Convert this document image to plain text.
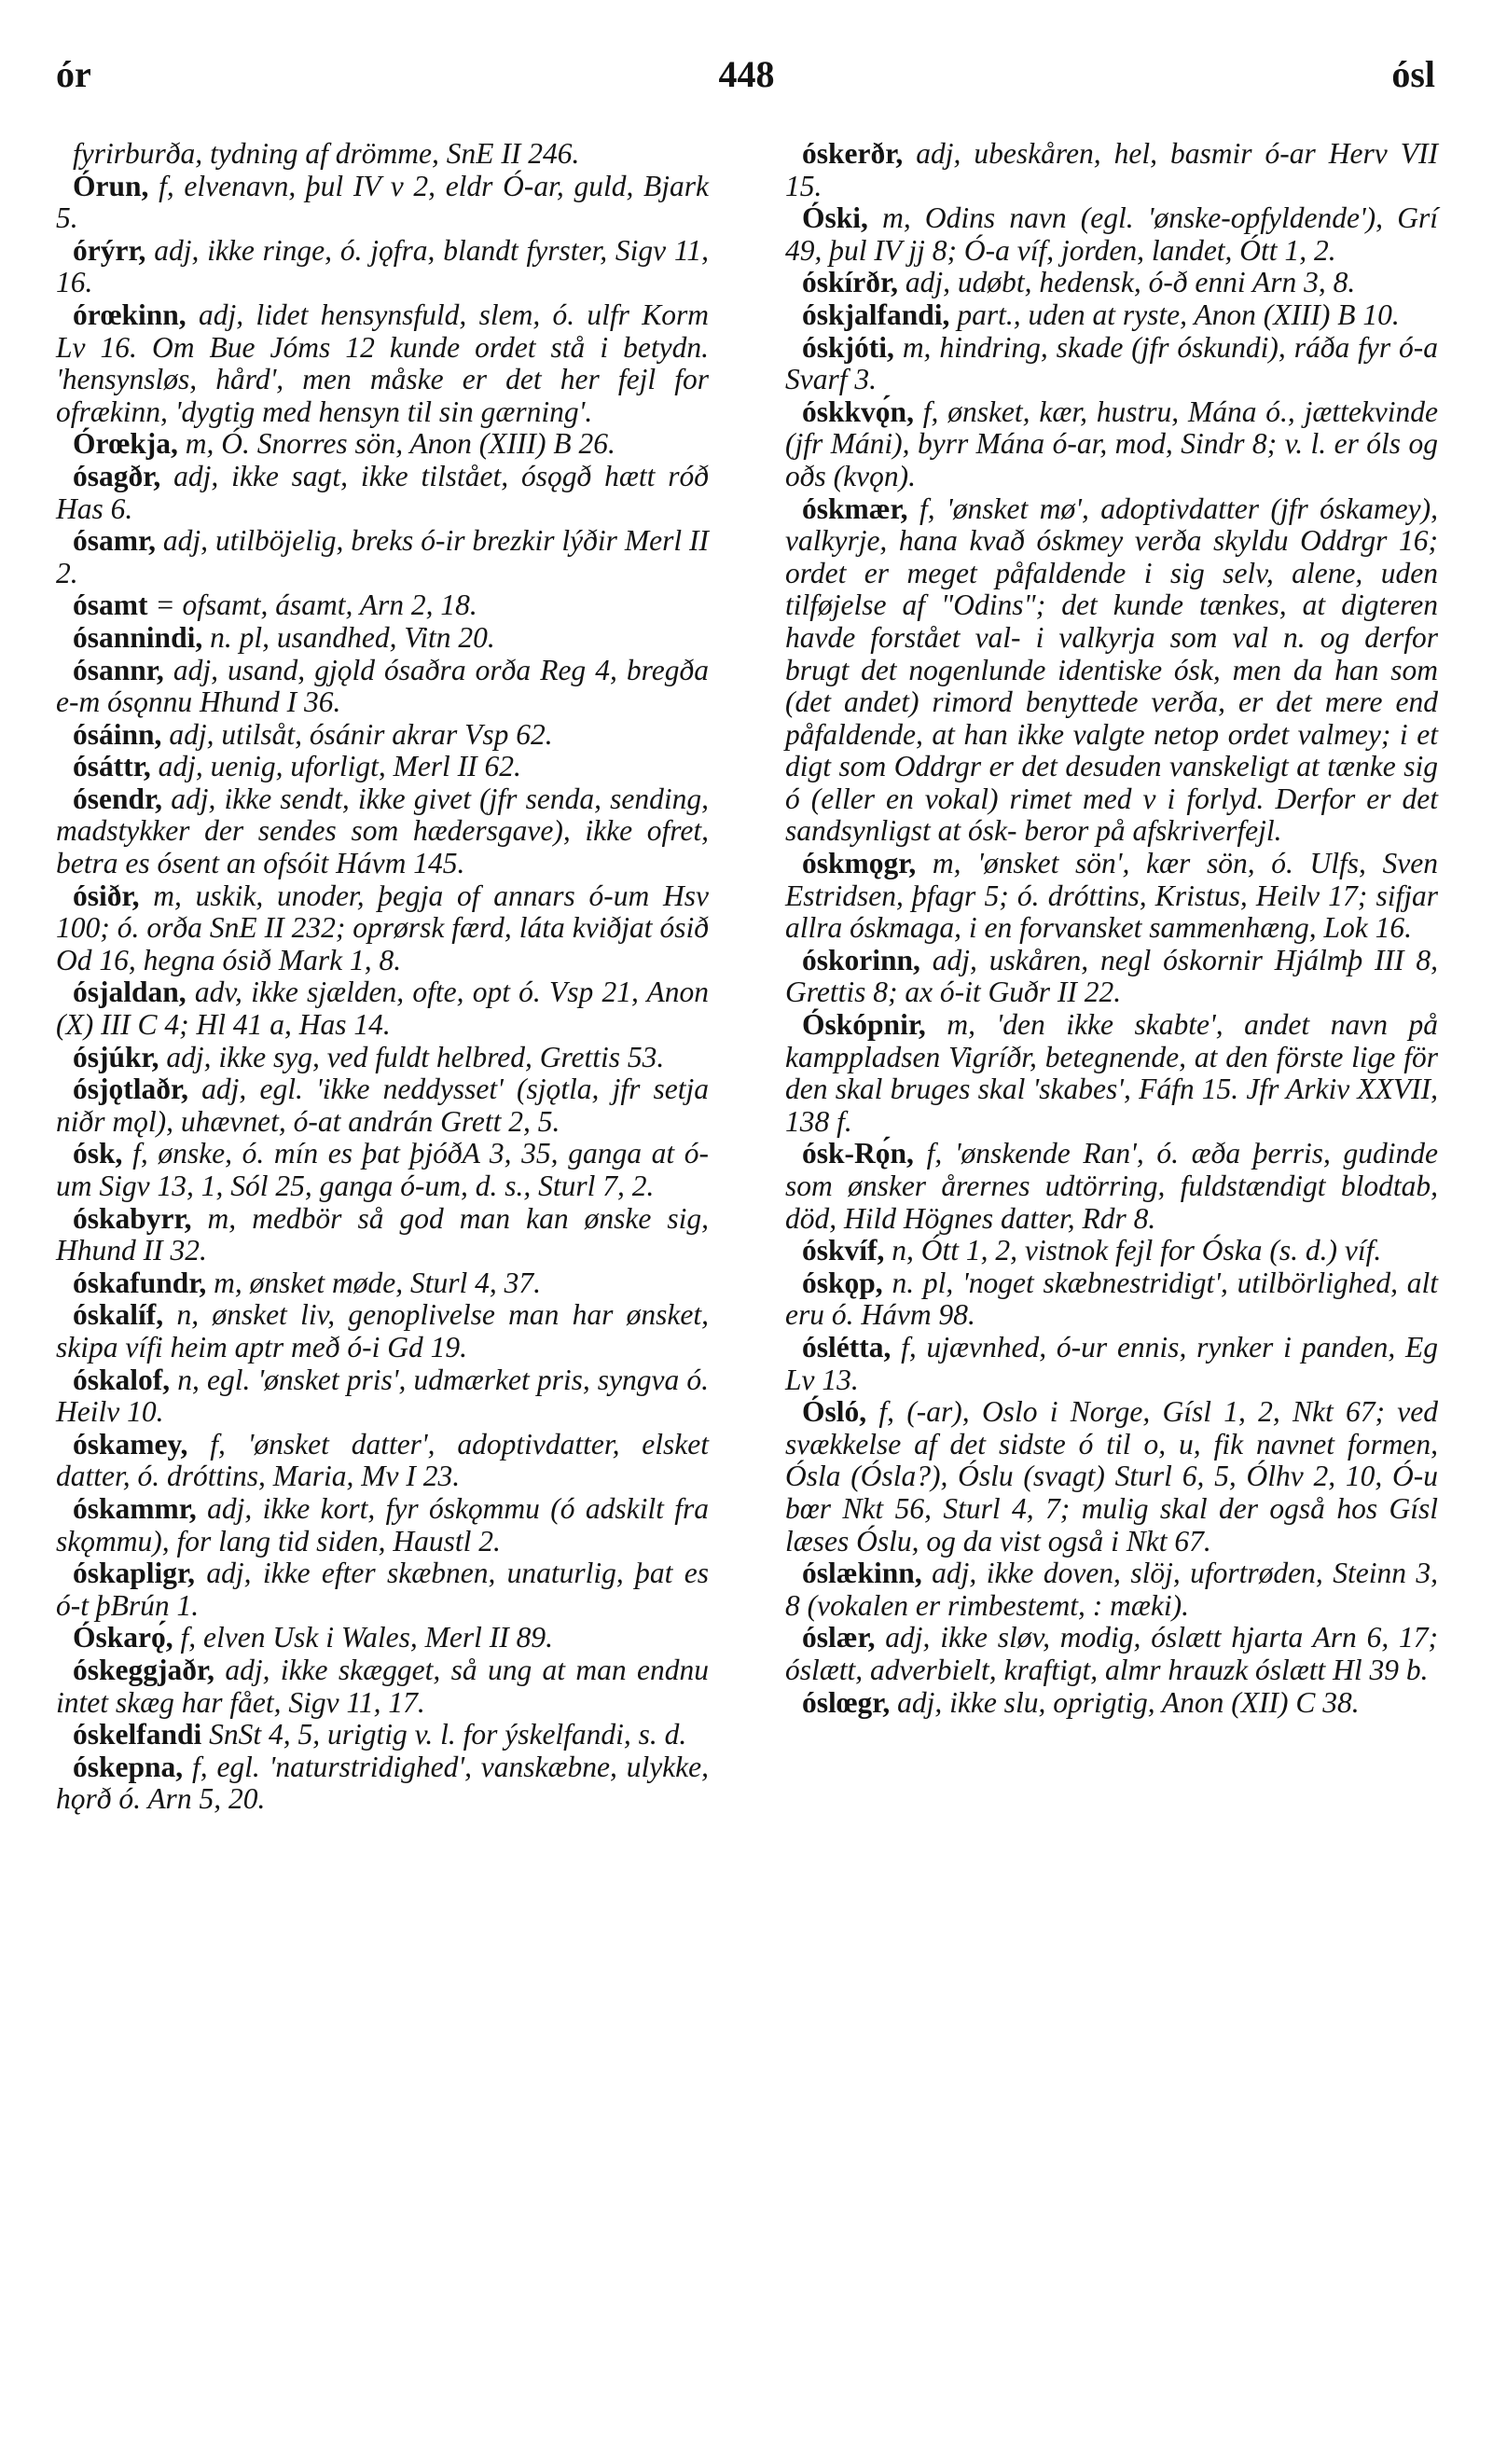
ór	448	ósl

fyrirburða, tydning af drömme, SnE II 246.

Órun, f, elvenavn, þul IV v 2, eldr Ó-ar, guld, Bjark 5.

órýrr, adj, ikke ringe, ó. jǫfra, blandt fyrster, Sigv 11, 16.

órœkinn, adj, lidet hensynsfuld, slem, ó. ulfr Korm Lv 16. Om Bue Jóms 12 kunde ordet stå i betydn. 'hensynsløs, hård', men måske er det her fejl for ofrækinn, 'dygtig med hensyn til sin gærning'.

Órœkja, m, Ó. Snorres sön, Anon (XIII) B 26.

ósagðr, adj, ikke sagt, ikke tilstået, ósǫgð hætt róð Has 6.

ósamr, adj, utilböjelig, breks ó-ir brezkir lýðir Merl II 2.

ósamt = ofsamt, ásamt, Arn 2, 18.

ósannindi, n. pl, usandhed, Vitn 20.

ósannr, adj, usand, gjǫld ósaðra orða Reg 4, bregða e-m ósǫnnu Hhund I 36.

ósáinn, adj, utilsåt, ósánir akrar Vsp 62.

ósáttr, adj, uenig, uforligt, Merl II 62.

ósendr, adj, ikke sendt, ikke givet (jfr senda, sending, madstykker der sendes som hædersgave), ikke ofret, betra es ósent an ofsóit Hávm 145.

ósiðr, m, uskik, unoder, þegja of annars ó-um Hsv 100; ó. orða SnE II 232; oprørsk færd, láta kviðjat ósið Od 16, hegna ósið Mark 1, 8.

ósjaldan, adv, ikke sjælden, ofte, opt ó. Vsp 21, Anon (X) III C 4; Hl 41 a, Has 14.

ósjúkr, adj, ikke syg, ved fuldt helbred, Grettis 53.

ósjǫtlaðr, adj, egl. 'ikke neddysset' (sjǫtla, jfr setja niðr mǫl), uhævnet, ó-at andrán Grett 2, 5.

ósk, f, ønske, ó. mín es þat þjóðA 3, 35, ganga at ó-um Sigv 13, 1, Sól 25, ganga ó-um, d. s., Sturl 7, 2.

óskabyrr, m, medbör så god man kan ønske sig, Hhund II 32.

óskafundr, m, ønsket møde, Sturl 4, 37.

óskalíf, n, ønsket liv, genoplivelse man har ønsket, skipa vífi heim aptr með ó-i Gd 19.

óskalof, n, egl. 'ønsket pris', udmærket pris, syngva ó. Heilv 10.

óskamey, f, 'ønsket datter', adoptivdatter, elsket datter, ó. dróttins, Maria, Mv I 23.

óskammr, adj, ikke kort, fyr óskǫmmu (ó adskilt fra skǫmmu), for lang tid siden, Haustl 2.

óskapligr, adj, ikke efter skæbnen, unaturlig, þat es ó-t þBrún 1.

Óskarǫ́, f, elven Usk i Wales, Merl II 89.

óskeggjaðr, adj, ikke skægget, så ung at man endnu intet skæg har fået, Sigv 11, 17.

óskelfandi SnSt 4, 5, urigtig v. l. for ýskelfandi, s. d.

óskepna, f, egl. 'naturstridighed', vanskæbne, ulykke, hǫrð ó. Arn 5, 20.

óskerðr, adj, ubeskåren, hel, basmir ó-ar Herv VII 15.

Óski, m, Odins navn (egl. 'ønske-opfyldende'), Grí 49, þul IV jj 8; Ó-a víf, jorden, landet, Ótt 1, 2.

óskírðr, adj, udøbt, hedensk, ó-ð enni Arn 3, 8.

óskjalfandi, part., uden at ryste, Anon (XIII) B 10.

óskjóti, m, hindring, skade (jfr óskundi), ráða fyr ó-a Svarf 3.

óskkvǫ́n, f, ønsket, kær, hustru, Mána ó., jættekvinde (jfr Máni), byrr Mána ó-ar, mod, Sindr 8; v. l. er óls og oðs (kvǫn).

óskmær, f, 'ønsket mø', adoptivdatter (jfr óskamey), valkyrje, hana kvað óskmey verða skyldu Oddrgr 16; ordet er meget påfaldende i sig selv, alene, uden tilføjelse af "Odins"; det kunde tænkes, at digteren havde forstået val- i valkyrja som val n. og derfor brugt det nogenlunde identiske ósk, men da han som (det andet) rimord benyttede verða, er det mere end påfaldende, at han ikke valgte netop ordet valmey; i et digt som Oddrgr er det desuden vanskeligt at tænke sig ó (eller en vokal) rimet med v i forlyd. Derfor er det sandsynligst at ósk- beror på afskriverfejl.

óskmǫgr, m, 'ønsket sön', kær sön, ó. Ulfs, Sven Estridsen, þfagr 5; ó. dróttins, Kristus, Heilv 17; sifjar allra óskmaga, i en forvansket sammenhæng, Lok 16.

óskorinn, adj, uskåren, negl óskornir Hjálmþ III 8, Grettis 8; ax ó-it Guðr II 22.

Óskópnir, m, 'den ikke skabte', andet navn på kamppladsen Vigríðr, betegnende, at den förste lige för den skal bruges skal 'skabes', Fáfn 15. Jfr Arkiv XXVII, 138 f.

ósk-Rǫ́n, f, 'ønskende Ran', ó. æða þerris, gudinde som ønsker årernes udtörring, fuldstændigt blodtab, död, Hild Högnes datter, Rdr 8.

óskvíf, n, Ótt 1, 2, vistnok fejl for Óska (s. d.) víf.

óskǫp, n. pl, 'noget skæbnestridigt', utilbörlighed, alt eru ó. Hávm 98.

óslétta, f, ujævnhed, ó-ur ennis, rynker i panden, Eg Lv 13.

Ósló, f, (-ar), Oslo i Norge, Gísl 1, 2, Nkt 67; ved svækkelse af det sidste ó til o, u, fik navnet formen, Ósla (Ósla?), Óslu (svagt) Sturl 6, 5, Ólhv 2, 10, Ó-u bœr Nkt 56, Sturl 4, 7; mulig skal der også hos Gísl læses Óslu, og da vist også i Nkt 67.

óslækinn, adj, ikke doven, slöj, ufortrøden, Steinn 3, 8 (vokalen er rimbestemt, : mæki).

óslær, adj, ikke sløv, modig, óslætt hjarta Arn 6, 17; óslætt, adverbielt, kraftigt, almr hrauzk óslætt Hl 39 b.

óslœgr, adj, ikke slu, oprigtig, Anon (XII) C 38.
